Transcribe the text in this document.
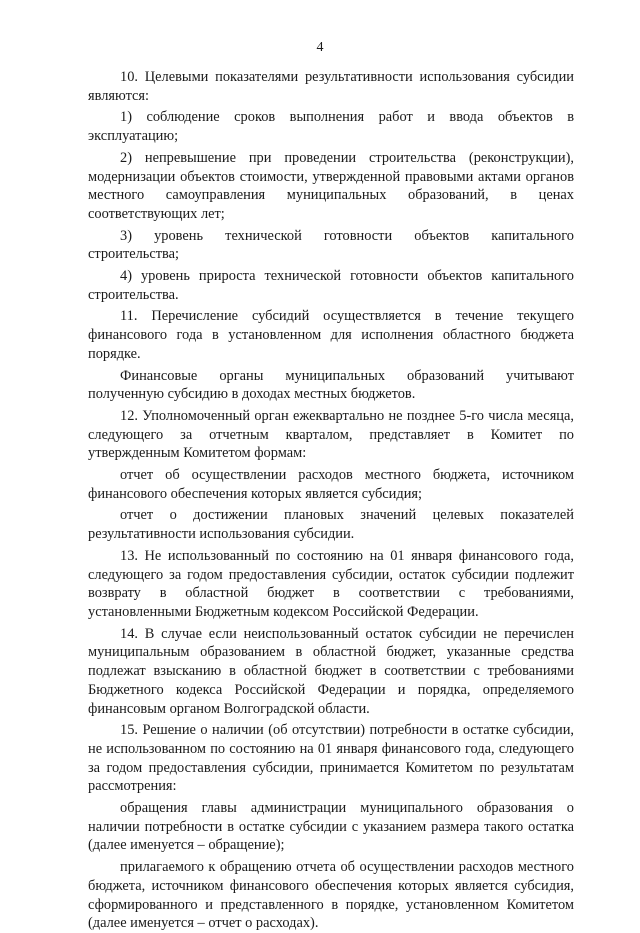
4

10. Целевыми показателями результативности использования субсидии являются:

1) соблюдение сроков выполнения работ и ввода объектов в эксплуатацию;

2) непревышение при проведении строительства (реконструкции), модернизации объектов стоимости, утвержденной правовыми актами органов местного самоуправления муниципальных образований, в ценах соответствующих лет;

3) уровень технической готовности объектов капитального строительства;

4) уровень прироста технической готовности объектов капитального строительства.

11. Перечисление субсидий осуществляется в течение текущего финансового года в установленном для исполнения областного бюджета порядке.

Финансовые органы муниципальных образований учитывают полученную субсидию в доходах местных бюджетов.

12. Уполномоченный орган ежеквартально не позднее 5-го числа месяца, следующего за отчетным кварталом, представляет в Комитет по утвержденным Комитетом формам:

отчет об осуществлении расходов местного бюджета, источником финансового обеспечения которых является субсидия;

отчет о достижении плановых значений целевых показателей результативности использования субсидии.

13. Не использованный по состоянию на 01 января финансового года, следующего за годом предоставления субсидии, остаток субсидии подлежит возврату в областной бюджет в соответствии с требованиями, установленными Бюджетным кодексом Российской Федерации.

14. В случае если неиспользованный остаток субсидии не перечислен муниципальным образованием в областной бюджет, указанные средства подлежат взысканию в областной бюджет в соответствии с требованиями Бюджетного кодекса Российской Федерации и порядка, определяемого финансовым органом Волгоградской области.

15. Решение о наличии (об отсутствии) потребности в остатке субсидии, не использованном по состоянию на 01 января финансового года, следующего за годом предоставления субсидии, принимается Комитетом по результатам рассмотрения:

обращения главы администрации муниципального образования о наличии потребности в остатке субсидии с указанием размера такого остатка (далее именуется – обращение);

прилагаемого к обращению отчета об осуществлении расходов местного бюджета, источником финансового обеспечения которых является субсидия, сформированного и представленного в порядке, установленном Комитетом (далее именуется – отчет о расходах).
